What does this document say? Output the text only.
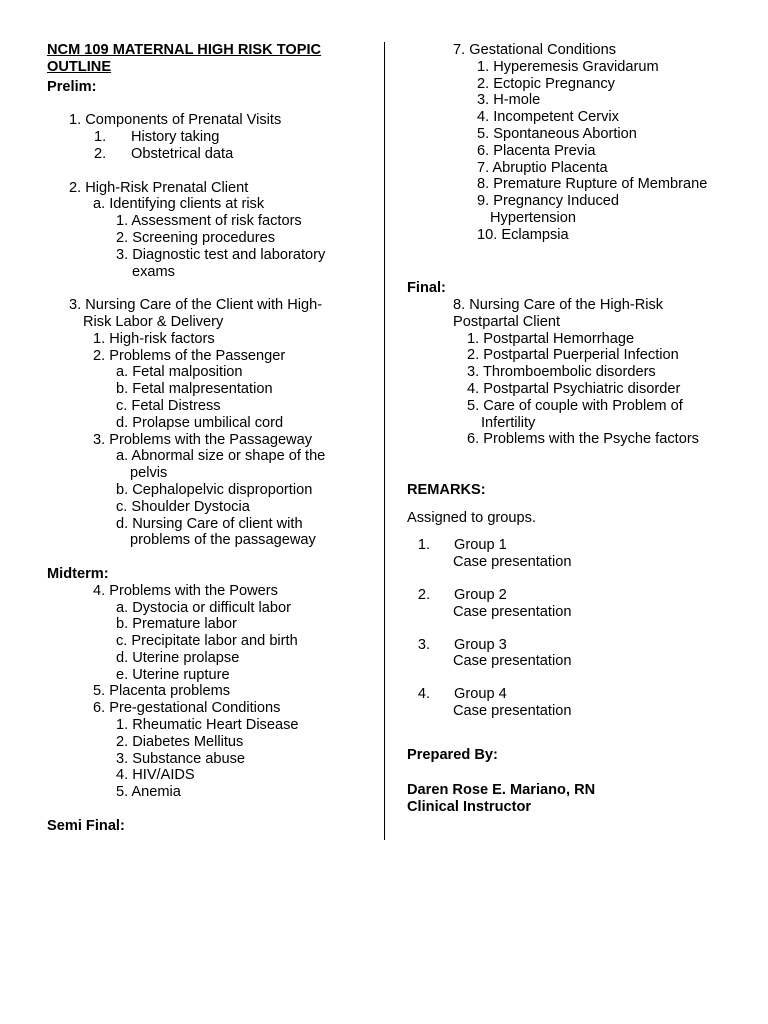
NCM 109 MATERNAL HIGH RISK TOPIC
OUTLINE
Prelim:
1. Components of Prenatal Visits
1. History taking
2. Obstetrical data
2. High-Risk Prenatal Client
a. Identifying clients at risk
1. Assessment of risk factors
2. Screening procedures
3. Diagnostic test and laboratory
exams
3. Nursing Care of the Client with High-
Risk Labor & Delivery
1. High-risk factors
2. Problems of the Passenger
a. Fetal malposition
b. Fetal malpresentation
c. Fetal Distress
d. Prolapse umbilical cord
3. Problems with the Passageway
a. Abnormal size or shape of the
pelvis
b. Cephalopelvic disproportion
c. Shoulder Dystocia
d. Nursing Care of client with
problems of the passageway
Midterm:
4. Problems with the Powers
a. Dystocia or difficult labor
b. Premature labor
c. Precipitate labor and birth
d. Uterine prolapse
e. Uterine rupture
5. Placenta problems
6. Pre-gestational Conditions
1. Rheumatic Heart Disease
2. Diabetes Mellitus
3. Substance abuse
4. HIV/AIDS
5. Anemia
Semi Final:
7. Gestational Conditions
1. Hyperemesis Gravidarum
2. Ectopic Pregnancy
3. H-mole
4. Incompetent Cervix
5. Spontaneous Abortion
6. Placenta Previa
7. Abruptio Placenta
8. Premature Rupture of Membrane
9. Pregnancy Induced
Hypertension
10. Eclampsia
Final:
8. Nursing Care of the High-Risk
Postpartal Client
1. Postpartal Hemorrhage
2. Postpartal Puerperial Infection
3. Thromboembolic disorders
4. Postpartal Psychiatric disorder
5. Care of couple with Problem of
Infertility
6. Problems with the Psyche factors
REMARKS:
Assigned to groups.
1. Group 1
Case presentation
2. Group 2
Case presentation
3. Group 3
Case presentation
4. Group 4
Case presentation
Prepared By:
Daren Rose E. Mariano, RN
Clinical Instructor
